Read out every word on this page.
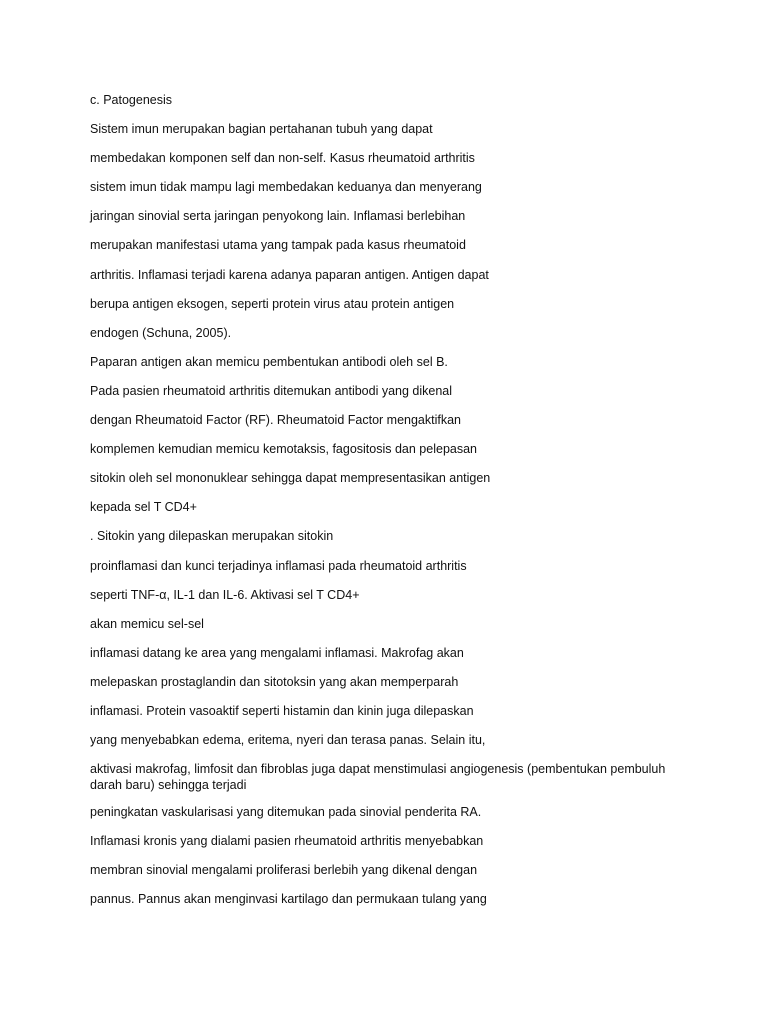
c. Patogenesis
Sistem imun merupakan bagian pertahanan tubuh yang dapat
membedakan komponen self dan non-self. Kasus rheumatoid arthritis
sistem imun tidak mampu lagi membedakan keduanya dan menyerang
jaringan sinovial serta jaringan penyokong lain. Inflamasi berlebihan
merupakan manifestasi utama yang tampak pada kasus rheumatoid
arthritis. Inflamasi terjadi karena adanya paparan antigen. Antigen dapat
berupa antigen eksogen, seperti protein virus atau protein antigen
endogen (Schuna, 2005).
Paparan antigen akan memicu pembentukan antibodi oleh sel B.
Pada pasien rheumatoid arthritis ditemukan antibodi yang dikenal
dengan Rheumatoid Factor (RF). Rheumatoid Factor mengaktifkan
komplemen kemudian memicu kemotaksis, fagositosis dan pelepasan
sitokin oleh sel mononuklear sehingga dapat mempresentasikan antigen
kepada sel T CD4+
. Sitokin yang dilepaskan merupakan sitokin
proinflamasi dan kunci terjadinya inflamasi pada rheumatoid arthritis
seperti TNF-α, IL-1 dan IL-6. Aktivasi sel T CD4+
akan memicu sel-sel
inflamasi datang ke area yang mengalami inflamasi. Makrofag akan
melepaskan prostaglandin dan sitotoksin yang akan memperparah
inflamasi. Protein vasoaktif seperti histamin dan kinin juga dilepaskan
yang menyebabkan edema, eritema, nyeri dan terasa panas. Selain itu,
aktivasi makrofag, limfosit dan fibroblas juga dapat menstimulasi angiogenesis (pembentukan pembuluh darah baru) sehingga terjadi
peningkatan vaskularisasi yang ditemukan pada sinovial penderita RA.
Inflamasi kronis yang dialami pasien rheumatoid arthritis menyebabkan
membran sinovial mengalami proliferasi berlebih yang dikenal dengan
pannus. Pannus akan menginvasi kartilago dan permukaan tulang yang
